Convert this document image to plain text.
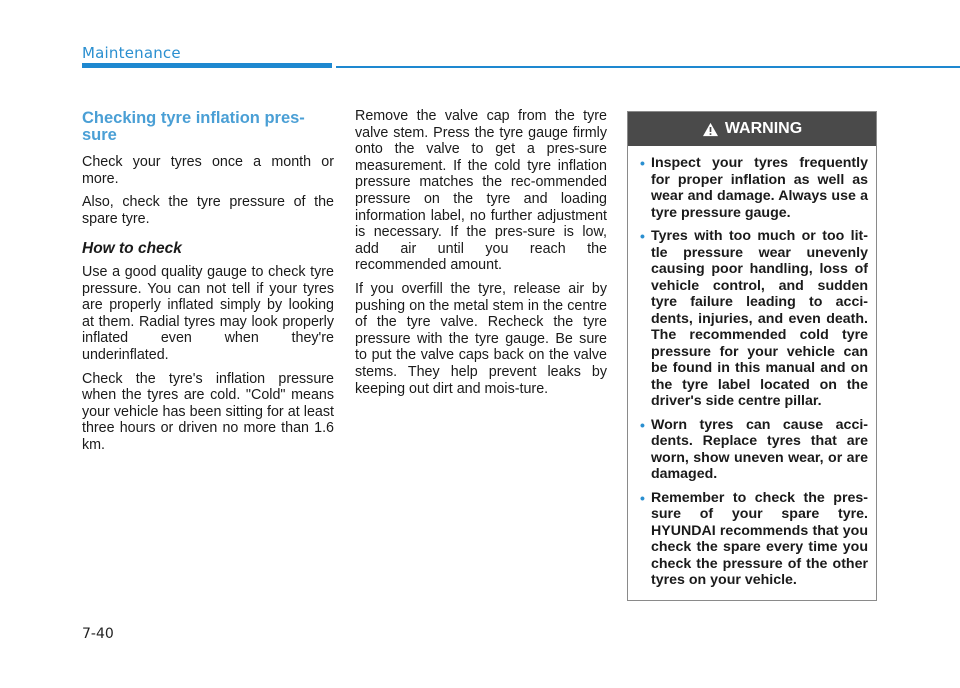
Maintenance
Checking tyre inflation pres-
sure

Check your tyres once a month or more.

Also, check the tyre pressure of the spare tyre.

How to check

Use a good quality gauge to check tyre pressure. You can not tell if your tyres are properly inflated simply by looking at them. Radial tyres may look properly inflated even when they're underinflated.

Check the tyre's inflation pressure when the tyres are cold. "Cold" means your vehicle has been sitting for at least three hours or driven no more than 1.6 km.

Remove the valve cap from the tyre valve stem. Press the tyre gauge firmly onto the valve to get a pres-sure measurement. If the cold tyre inflation pressure matches the rec-ommended pressure on the tyre and loading information label, no further adjustment is necessary. If the pres-sure is low, add air until you reach the recommended amount.

If you overfill the tyre, release air by pushing on the metal stem in the centre of the tyre valve. Recheck the tyre pressure with the tyre gauge. Be sure to put the valve caps back on the valve stems. They help prevent leaks by keeping out dirt and mois-ture.

WARNING
• Inspect your tyres frequently for proper inflation as well as wear and damage. Always use a tyre pressure gauge.
• Tyres with too much or too lit-tle pressure wear unevenly causing poor handling, loss of vehicle control, and sudden tyre failure leading to acci-dents, injuries, and even death. The recommended cold tyre pressure for your vehicle can be found in this manual and on the tyre label located on the driver's side centre pillar.
• Worn tyres can cause acci-dents. Replace tyres that are worn, show uneven wear, or are damaged.
• Remember to check the pres-sure of your spare tyre. HYUNDAI recommends that you check the spare every time you check the pressure of the other tyres on your vehicle.
7-40
